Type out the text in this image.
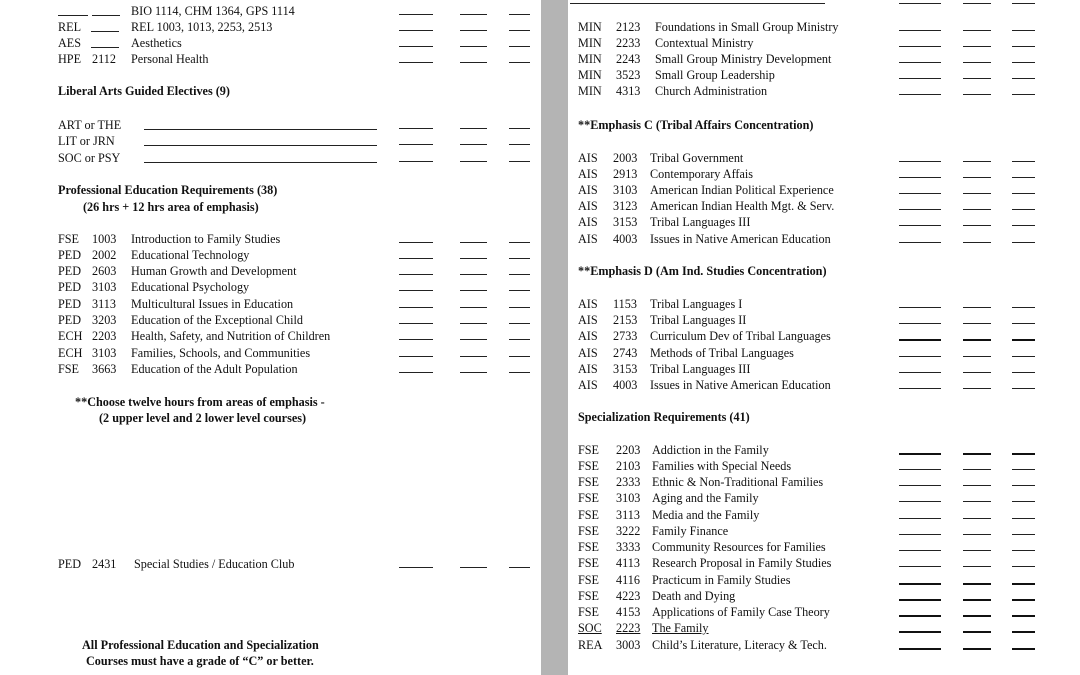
BIO 1114, CHM 1364, GPS 1114
REL	REL 1003, 1013, 2253, 2513
AES	Aesthetics
HPE 2112 Personal Health
Liberal Arts Guided Electives (9)
ART or THE
LIT or JRN
SOC or PSY
Professional Education Requirements (38)
(26 hrs + 12 hrs area of emphasis)
FSE 1003 Introduction to Family Studies
PED 2002 Educational Technology
PED 2603 Human Growth and Development
PED 3103 Educational Psychology
PED 3113 Multicultural Issues in Education
PED 3203 Education of the Exceptional Child
ECH 2203 Health, Safety, and Nutrition of Children
ECH 3103 Families, Schools, and Communities
FSE 3663 Education of the Adult Population
**Choose twelve hours from areas of emphasis -
(2 upper level and 2 lower level courses)
PED 2431 Special Studies / Education Club
All Professional Education and Specialization
Courses must have a grade of “C” or better.
MIN 2123 Foundations in Small Group Ministry
MIN 2233 Contextual Ministry
MIN 2243 Small Group Ministry Development
MIN 3523 Small Group Leadership
MIN 4313 Church Administration
**Emphasis C (Tribal Affairs Concentration)
AIS 2003 Tribal Government
AIS 2913 Contemporary Affais
AIS 3103 American Indian Political Experience
AIS 3123 American Indian Health Mgt. & Serv.
AIS 3153 Tribal Languages III
AIS 4003 Issues in Native American Education
**Emphasis D (Am Ind. Studies Concentration)
AIS 1153 Tribal Languages I
AIS 2153 Tribal Languages II
AIS 2733 Curriculum Dev of Tribal Languages
AIS 2743 Methods of Tribal Languages
AIS 3153 Tribal Languages III
AIS 4003 Issues in Native American Education
Specialization Requirements (41)
FSE 2203 Addiction in the Family
FSE 2103 Families with Special Needs
FSE 2333 Ethnic & Non-Traditional Families
FSE 3103 Aging and the Family
FSE 3113 Media and the Family
FSE 3222 Family Finance
FSE 3333 Community Resources for Families
FSE 4113 Research Proposal in Family Studies
FSE 4116 Practicum in Family Studies
FSE 4223 Death and Dying
FSE 4153 Applications of Family Case Theory
SOC 2223 The Family
REA 3003 Child’s Literature, Literacy & Tech.
